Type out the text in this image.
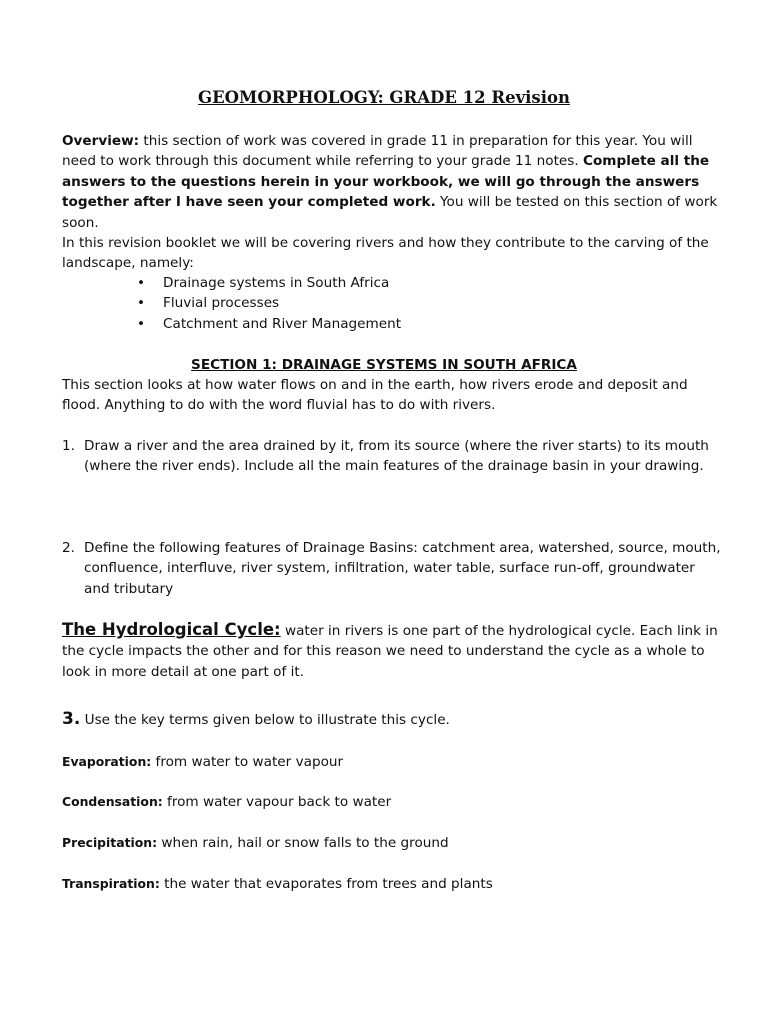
GEOMORPHOLOGY: GRADE 12 Revision
Overview: this section of work was covered in grade 11 in preparation for this year. You will need to work through this document while referring to your grade 11 notes. Complete all the answers to the questions herein in your workbook, we will go through the answers together after I have seen your completed work. You will be tested on this section of work soon.
In this revision booklet we will be covering rivers and how they contribute to the carving of the landscape, namely:
• Drainage systems in South Africa
• Fluvial processes
• Catchment and River Management
SECTION 1: DRAINAGE SYSTEMS IN SOUTH AFRICA
This section looks at how water flows on and in the earth, how rivers erode and deposit and flood. Anything to do with the word fluvial has to do with rivers.
1. Draw a river and the area drained by it, from its source (where the river starts) to its mouth (where the river ends). Include all the main features of the drainage basin in your drawing.
2. Define the following features of Drainage Basins: catchment area, watershed, source, mouth, confluence, interfluve, river system, infiltration, water table, surface run-off, groundwater and tributary
The Hydrological Cycle: water in rivers is one part of the hydrological cycle. Each link in the cycle impacts the other and for this reason we need to understand the cycle as a whole to look in more detail at one part of it.
3. Use the key terms given below to illustrate this cycle.
Evaporation: from water to water vapour
Condensation: from water vapour back to water
Precipitation: when rain, hail or snow falls to the ground
Transpiration: the water that evaporates from trees and plants
